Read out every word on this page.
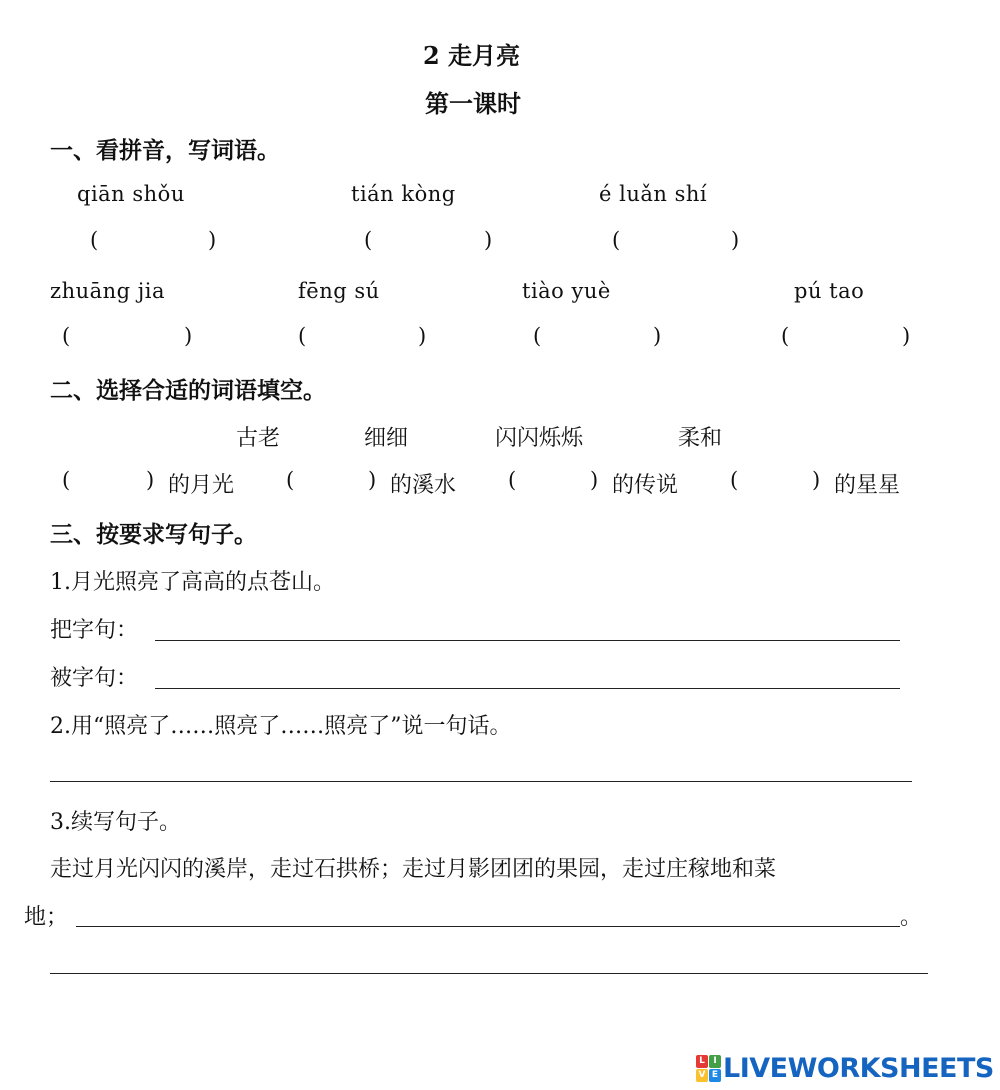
2 走月亮
第一课时
一、看拼音，写词语。
qiān shǒu	tián kòng	é luǎn shí
(	)	(	)	(	)
zhuāng jia	fēng sú	tiào yuè	pú tao
(	)	(	)	(	)	(	)
二、选择合适的词语填空。
古老	细细	闪闪烁烁	柔和
(	) 的月光 (	) 的溪水 (	) 的传说 (	) 的星星
三、按要求写句子。
1.月光照亮了高高的点苍山。
把字句：
被字句：
2.用“照亮了……照亮了……照亮了”说一句话。
3.续写句子。
走过月光闪闪的溪岸，走过石拱桥；走过月影团团的果园，走过庄稼地和菜
地；	。
L I
V E LIVEWORKSHEETS
